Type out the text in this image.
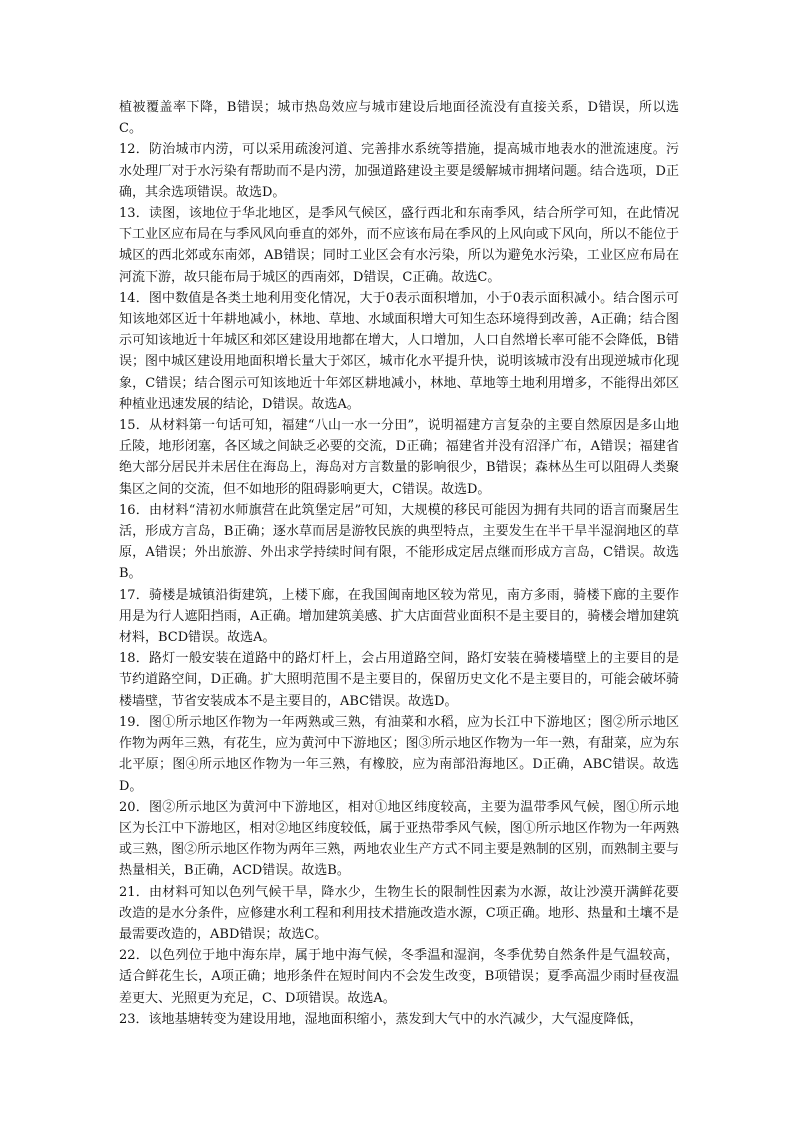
植被覆盖率下降，B错误；城市热岛效应与城市建设后地面径流没有直接关系，D错误，所以选C。

12．防治城市内涝，可以采用疏浚河道、完善排水系统等措施，提高城市地表水的泄流速度。污水处理厂对于水污染有帮助而不是内涝，加强道路建设主要是缓解城市拥堵问题。结合选项，D正确，其余选项错误。故选D。

13．读图，该地位于华北地区，是季风气候区，盛行西北和东南季风，结合所学可知，在此情况下工业区应布局在与季风风向垂直的郊外，而不应该布局在季风的上风向或下风向，所以不能位于城区的西北郊或东南郊，AB错误；同时工业区会有水污染，所以为避免水污染，工业区应布局在河流下游，故只能布局于城区的西南郊，D错误，C正确。故选C。

14．图中数值是各类土地利用变化情况，大于0表示面积增加，小于0表示面积减小。结合图示可知该地郊区近十年耕地减小，林地、草地、水域面积增大可知生态环境得到改善，A正确；结合图示可知该地近十年城区和郊区建设用地都在增大，人口增加，人口自然增长率可能不会降低，B错误；图中城区建设用地面积增长量大于郊区，城市化水平提升快，说明该城市没有出现逆城市化现象，C错误；结合图示可知该地近十年郊区耕地减小，林地、草地等土地利用增多，不能得出郊区种植业迅速发展的结论，D错误。故选A。

15．从材料第一句话可知，福建“八山一水一分田”，说明福建方言复杂的主要自然原因是多山地丘陵，地形闭塞，各区域之间缺乏必要的交流，D正确；福建省并没有沼泽广布，A错误；福建省绝大部分居民并未居住在海岛上，海岛对方言数量的影响很少，B错误；森林丛生可以阻碍人类聚集区之间的交流，但不如地形的阻碍影响更大，C错误。故选D。

16．由材料“清初水师旗营在此筑堡定居”可知，大规模的移民可能因为拥有共同的语言而聚居生活，形成方言岛，B正确；逐水草而居是游牧民族的典型特点，主要发生在半干旱半湿润地区的草原，A错误；外出旅游、外出求学持续时间有限，不能形成定居点继而形成方言岛，C错误。故选B。

17．骑楼是城镇沿街建筑，上楼下廊，在我国闽南地区较为常见，南方多雨，骑楼下廊的主要作用是为行人遮阳挡雨，A正确。增加建筑美感、扩大店面营业面积不是主要目的，骑楼会增加建筑材料，BCD错误。故选A。

18．路灯一般安装在道路中的路灯杆上，会占用道路空间，路灯安装在骑楼墙壁上的主要目的是节约道路空间，D正确。扩大照明范围不是主要目的，保留历史文化不是主要目的，可能会破坏骑楼墙壁，节省安装成本不是主要目的，ABC错误。故选D。

19．图①所示地区作物为一年两熟或三熟，有油菜和水稻，应为长江中下游地区；图②所示地区作物为两年三熟，有花生，应为黄河中下游地区；图③所示地区作物为一年一熟，有甜菜，应为东北平原；图④所示地区作物为一年三熟，有橡胶，应为南部沿海地区。D正确，ABC错误。故选D。

20．图②所示地区为黄河中下游地区，相对①地区纬度较高，主要为温带季风气候，图①所示地区为长江中下游地区，相对②地区纬度较低，属于亚热带季风气候，图①所示地区作物为一年两熟或三熟，图②所示地区作物为两年三熟，两地农业生产方式不同主要是熟制的区别，而熟制主要与热量相关，B正确，ACD错误。故选B。

21．由材料可知以色列气候干旱，降水少，生物生长的限制性因素为水源，故让沙漠开满鲜花要改造的是水分条件，应修建水利工程和利用技术措施改造水源，C项正确。地形、热量和土壤不是最需要改造的，ABD错误；故选C。

22．以色列位于地中海东岸，属于地中海气候，冬季温和湿润，冬季优势自然条件是气温较高，适合鲜花生长，A项正确；地形条件在短时间内不会发生改变，B项错误；夏季高温少雨时昼夜温差更大、光照更为充足，C、D项错误。故选A。

23．该地基塘转变为建设用地，湿地面积缩小，蒸发到大气中的水汽减少，大气湿度降低，
